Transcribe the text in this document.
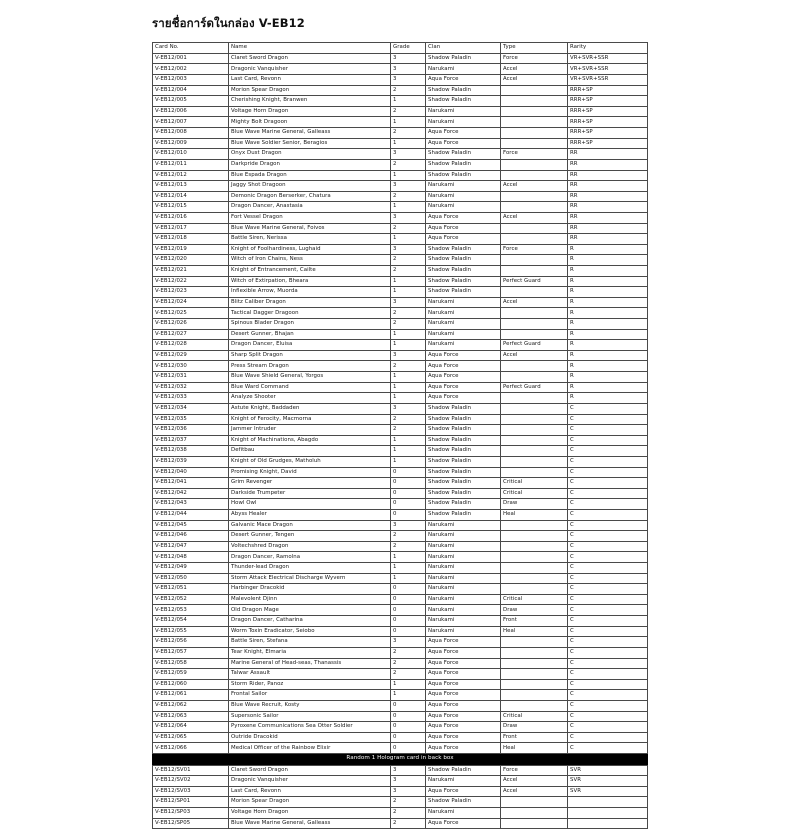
รายชื่อการ์ดในกล่อง V-EB12
Card No.	Name	Grade	Clan	Type	Rarity
V-EB12/001	Claret Sword Dragon	3	Shadow Paladin	Force	VR+SVR+SSR
V-EB12/002	Dragonic Vanquisher	3	Narukami	Accel	VR+SVR+SSR
V-EB12/003	Last Card, Revonn	3	Aqua Force	Accel	VR+SVR+SSR
V-EB12/004	Morion Spear Dragon	2	Shadow Paladin		RRR+SP
V-EB12/005	Cherishing Knight, Branwen	1	Shadow Paladin		RRR+SP
V-EB12/006	Voltage Horn Dragon	2	Narukami		RRR+SP
V-EB12/007	Mighty Bolt Dragoon	1	Narukami		RRR+SP
V-EB12/008	Blue Wave Marine General, Galleass	2	Aqua Force		RRR+SP
V-EB12/009	Blue Wave Soldier Senior, Beragios	1	Aqua Force		RRR+SP
V-EB12/010	Onyx Dust Dragon	3	Shadow Paladin	Force	RR
V-EB12/011	Darkpride Dragon	2	Shadow Paladin		RR
V-EB12/012	Blue Espada Dragon	1	Shadow Paladin		RR
V-EB12/013	Jaggy Shot Dragoon	3	Narukami	Accel	RR
V-EB12/014	Demonic Dragon Berserker, Chatura	2	Narukami		RR
V-EB12/015	Dragon Dancer, Anastasia	1	Narukami		RR
V-EB12/016	Fort Vessel Dragon	3	Aqua Force	Accel	RR
V-EB12/017	Blue Wave Marine General, Foivos	2	Aqua Force		RR
V-EB12/018	Battle Siren, Nerissa	1	Aqua Force		RR
V-EB12/019	Knight of Foolhardiness, Lughaid	3	Shadow Paladin	Force	R
V-EB12/020	Witch of Iron Chains, Ness	2	Shadow Paladin		R
V-EB12/021	Knight of Entrancement, Cailte	2	Shadow Paladin		R
V-EB12/022	Witch of Extirpation, Bheara	1	Shadow Paladin	Perfect Guard	R
V-EB12/023	Inflexible Arrow, Muorda	1	Shadow Paladin		R
V-EB12/024	Blitz Caliber Dragon	3	Narukami	Accel	R
V-EB12/025	Tactical Dagger Dragoon	2	Narukami		R
V-EB12/026	Spinous Blader Dragon	2	Narukami		R
V-EB12/027	Desert Gunner, Bhajan	1	Narukami		R
V-EB12/028	Dragon Dancer, Eluisa	1	Narukami	Perfect Guard	R
V-EB12/029	Sharp Split Dragon	3	Aqua Force	Accel	R
V-EB12/030	Press Stream Dragon	2	Aqua Force		R
V-EB12/031	Blue Wave Shield General, Yorgos	1	Aqua Force		R
V-EB12/032	Blue Ward Command	1	Aqua Force	Perfect Guard	R
V-EB12/033	Analyze Shooter	1	Aqua Force		R
V-EB12/034	Astute Knight, Baddaden	3	Shadow Paladin		C
V-EB12/035	Knight of Ferocity, Macmorna	2	Shadow Paladin		C
V-EB12/036	Jammer Intruder	2	Shadow Paladin		C
V-EB12/037	Knight of Machinations, Abagdo	1	Shadow Paladin		C
V-EB12/038	Defitbau	1	Shadow Paladin		C
V-EB12/039	Knight of Old Grudges, Matholuh	1	Shadow Paladin		C
V-EB12/040	Promising Knight, David	0	Shadow Paladin		C
V-EB12/041	Grim Revenger	0	Shadow Paladin	Critical	C
V-EB12/042	Darkside Trumpeter	0	Shadow Paladin	Critical	C
V-EB12/043	Howl Owl	0	Shadow Paladin	Draw	C
V-EB12/044	Abyss Healer	0	Shadow Paladin	Heal	C
V-EB12/045	Galvanic Mace Dragon	3	Narukami		C
V-EB12/046	Desert Gunner, Tengen	2	Narukami		C
V-EB12/047	Voltechshred Dragon	2	Narukami		C
V-EB12/048	Dragon Dancer, Ramolna	1	Narukami		C
V-EB12/049	Thunder-lead Dragon	1	Narukami		C
V-EB12/050	Storm Attack Electrical Discharge Wyvern	1	Narukami		C
V-EB12/051	Harbinger Dracokid	0	Narukami		C
V-EB12/052	Malevolent Djinn	0	Narukami	Critical	C
V-EB12/053	Old Dragon Mage	0	Narukami	Draw	C
V-EB12/054	Dragon Dancer, Catharina	0	Narukami	Front	C
V-EB12/055	Worm Toxin Eradicator, Seiobo	0	Narukami	Heal	C
V-EB12/056	Battle Siren, Stefana	3	Aqua Force		C
V-EB12/057	Tear Knight, Elmaria	2	Aqua Force		C
V-EB12/058	Marine General of Head-seas, Thanassis	2	Aqua Force		C
V-EB12/059	Talwar Assault	2	Aqua Force		C
V-EB12/060	Storm Rider, Panoz	1	Aqua Force		C
V-EB12/061	Frontal Sailor	1	Aqua Force		C
V-EB12/062	Blue Wave Recruit, Kosty	0	Aqua Force		C
V-EB12/063	Supersonic Sailor	0	Aqua Force	Critical	C
V-EB12/064	Pyroxene Communications Sea Otter Soldier	0	Aqua Force	Draw	C
V-EB12/065	Outride Dracokid	0	Aqua Force	Front	C
V-EB12/066	Medical Officer of the Rainbow Elixir	0	Aqua Force	Heal	C
Random 1 Hologram card in back box					
V-EB12/SV01	Claret Sword Dragon	3	Shadow Paladin	Force	SVR
V-EB12/SV02	Dragonic Vanquisher	3	Narukami	Accel	SVR
V-EB12/SV03	Last Card, Revonn	3	Aqua Force	Accel	SVR
V-EB12/SP01	Morion Spear Dragon	2	Shadow Paladin		
V-EB12/SP03	Voltage Horn Dragon	2	Narukami		
V-EB12/SP05	Blue Wave Marine General, Galleass	2	Aqua Force		
